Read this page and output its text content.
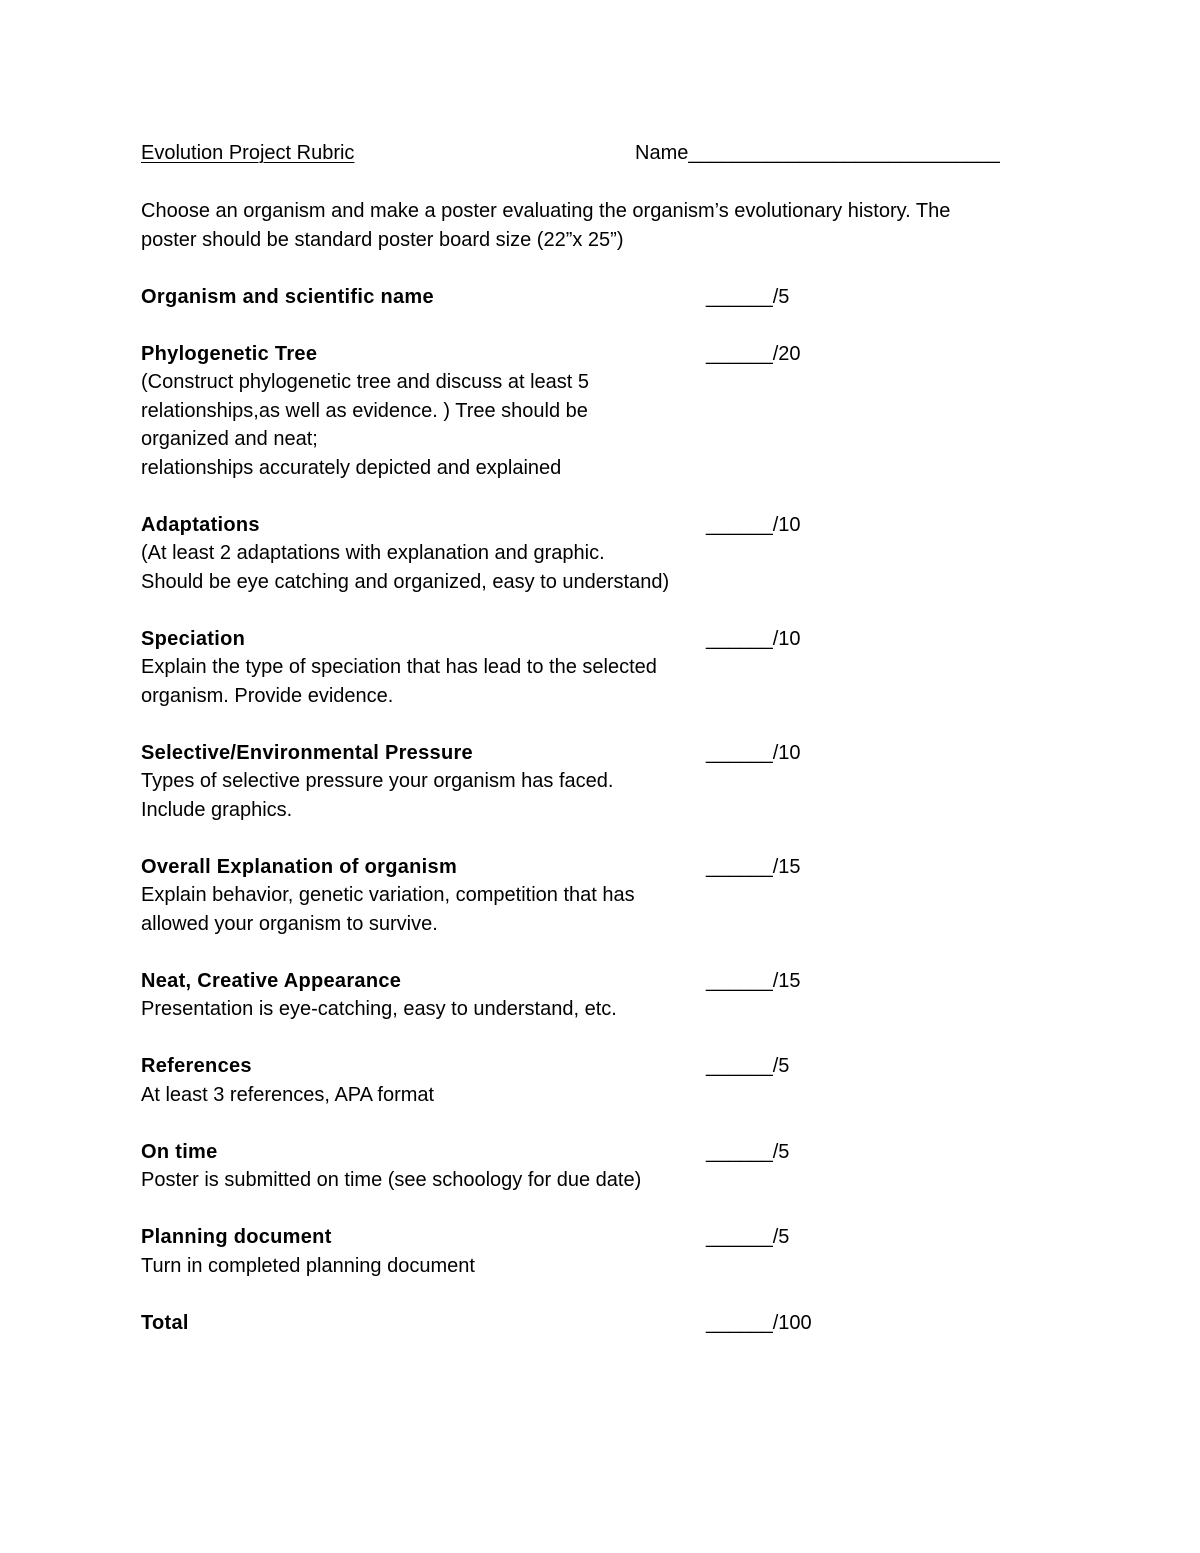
Evolution Project Rubric	Name____________________________
Choose an organism and make a poster evaluating the organism’s evolutionary history. The
poster should be standard poster board size (22”x 25”)
Organism and scientific name	______/5
Phylogenetic Tree	______/20
(Construct phylogenetic tree and discuss at least 5
relationships,as well as evidence. ) Tree should be
organized and neat;
relationships accurately depicted and explained
Adaptations	______/10
(At least 2 adaptations with explanation and graphic.
Should be eye catching and organized, easy to understand)
Speciation	______/10
Explain the type of speciation that has lead to the selected
organism. Provide evidence.
Selective/Environmental Pressure	______/10
Types of selective pressure your organism has faced.
Include graphics.
Overall Explanation of organism	______/15
Explain behavior, genetic variation, competition that has
allowed your organism to survive.
Neat, Creative Appearance	______/15
Presentation is eye-catching, easy to understand, etc.
References	______/5
At least 3 references, APA format
On time	______/5
Poster is submitted on time (see schoology for due date)
Planning document	______/5
Turn in completed planning document
Total	______/100
